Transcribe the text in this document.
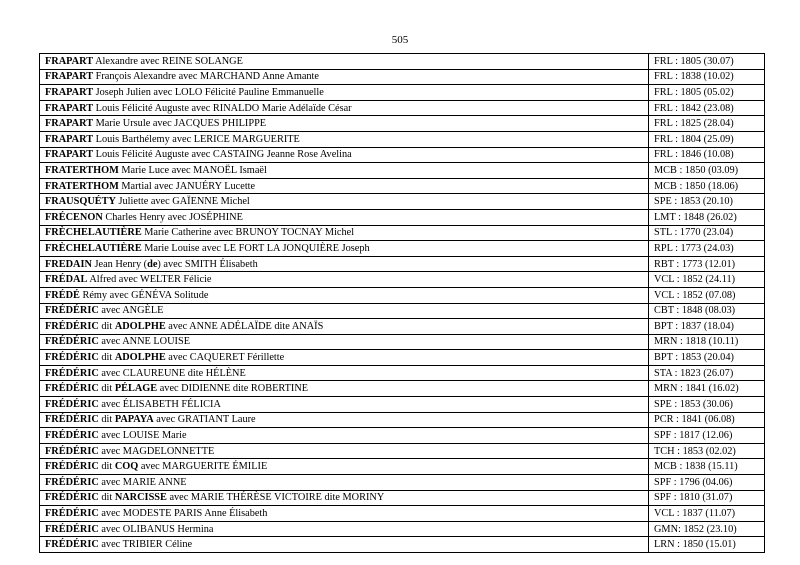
505
FRAPART Alexandre avec REINE SOLANGE	FRL : 1805 (30.07)
FRAPART François Alexandre avec MARCHAND Anne Amante	FRL : 1838 (10.02)
FRAPART Joseph Julien avec LOLO Félicité Pauline Emmanuelle	FRL : 1805 (05.02)
FRAPART Louis Félicité Auguste avec RINALDO Marie Adélaïde César	FRL : 1842 (23.08)
FRAPART Marie Ursule avec JACQUES PHILIPPE	FRL : 1825 (28.04)
FRAPART Louis Barthélemy avec LERICE MARGUERITE	FRL : 1804 (25.09)
FRAPART Louis Félicité Auguste avec CASTAING Jeanne Rose Avelina	FRL : 1846 (10.08)
FRATERTHOM Marie Luce avec MANOËL Ismaël	MCB : 1850 (03.09)
FRATERTHOM Martial avec JANUÉRY Lucette	MCB : 1850 (18.06)
FRAUSQUÉTY Juliette avec GAÏENNE Michel	SPE : 1853 (20.10)
FRÉCENON Charles Henry avec JOSÉPHINE	LMT : 1848 (26.02)
FRÈCHELAUTIÈRE Marie Catherine avec BRUNOY TOCNAY Michel	STL : 1770 (23.04)
FRÈCHELAUTIÈRE Marie Louise avec LE FORT LA JONQUIÈRE Joseph	RPL : 1773 (24.03)
FREDAIN Jean Henry (de) avec SMITH Élisabeth	RBT : 1773 (12.01)
FRÉDAL Alfred avec WELTER Félicie	VCL : 1852 (24.11)
FRÉDÉ Rémy avec GÉNÉVA Solitude	VCL : 1852 (07.08)
FRÉDÉRIC avec ANGÈLE	CBT : 1848 (08.03)
FRÉDÉRIC dit ADOLPHE avec ANNE ADÉLAÏDE dite ANAÏS	BPT : 1837 (18.04)
FRÉDÉRIC avec ANNE LOUISE	MRN : 1818 (10.11)
FRÉDÉRIC dit ADOLPHE avec CAQUERET Férillette	BPT : 1853 (20.04)
FRÉDÉRIC avec CLAUREUNE dite HÉLÈNE	STA : 1823 (26.07)
FRÉDÉRIC dit PÉLAGE avec DIDIENNE dite ROBERTINE	MRN : 1841 (16.02)
FRÉDÉRIC avec ÉLISABETH FÉLICIA	SPE : 1853 (30.06)
FRÉDÉRIC dit PAPAYA avec GRATIANT Laure	PCR : 1841 (06.08)
FRÉDÉRIC avec LOUISE Marie	SPF : 1817 (12.06)
FRÉDÉRIC avec MAGDELONNETTE	TCH : 1853 (02.02)
FRÉDÉRIC dit COQ avec MARGUERITE ÉMILIE	MCB : 1838 (15.11)
FRÉDÉRIC avec MARIE ANNE	SPF : 1796 (04.06)
FRÉDÉRIC dit NARCISSE avec MARIE THÉRÈSE VICTOIRE dite MORINY	SPF : 1810 (31.07)
FRÉDÉRIC avec MODESTE PARIS Anne Élisabeth	VCL : 1837 (11.07)
FRÉDÉRIC avec OLIBANUS Hermina	GMN: 1852 (23.10)
FRÉDÉRIC avec TRIBIER Céline	LRN : 1850 (15.01)
